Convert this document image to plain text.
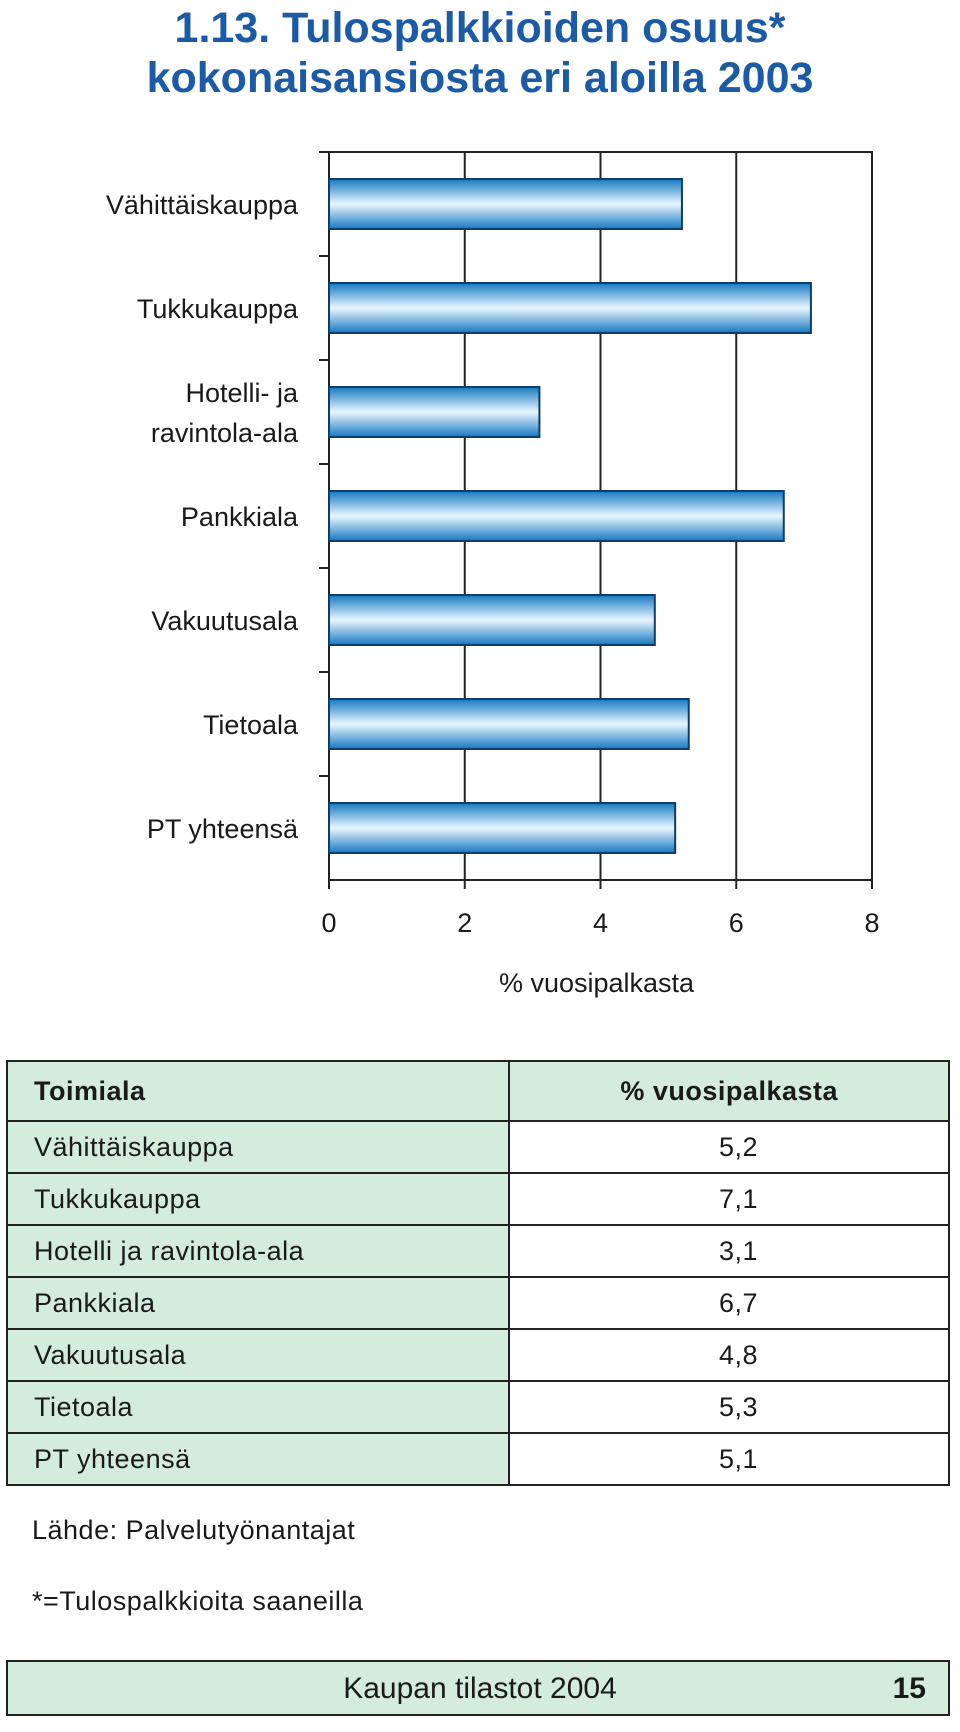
1.13. Tulospalkkioiden osuus*
kokonaisansiosta eri aloilla 2003
0	2	4	6	8
Vähittäiskauppa
Tukkukauppa
Hotelli- ja
ravintola-ala
Pankkiala
Vakuutusala
Tietoala
PT yhteensä
% vuosipalkasta
Toimiala	% vuosipalkasta
Vähittäiskauppa	5,2
Tukkukauppa	7,1
Hotelli ja ravintola-ala	3,1
Pankkiala	6,7
Vakuutusala	4,8
Tietoala	5,3
PT yhteensä	5,1
Lähde: Palvelutyönantajat
*=Tulospalkkioita saaneilla
Kaupan tilastot 2004	15
